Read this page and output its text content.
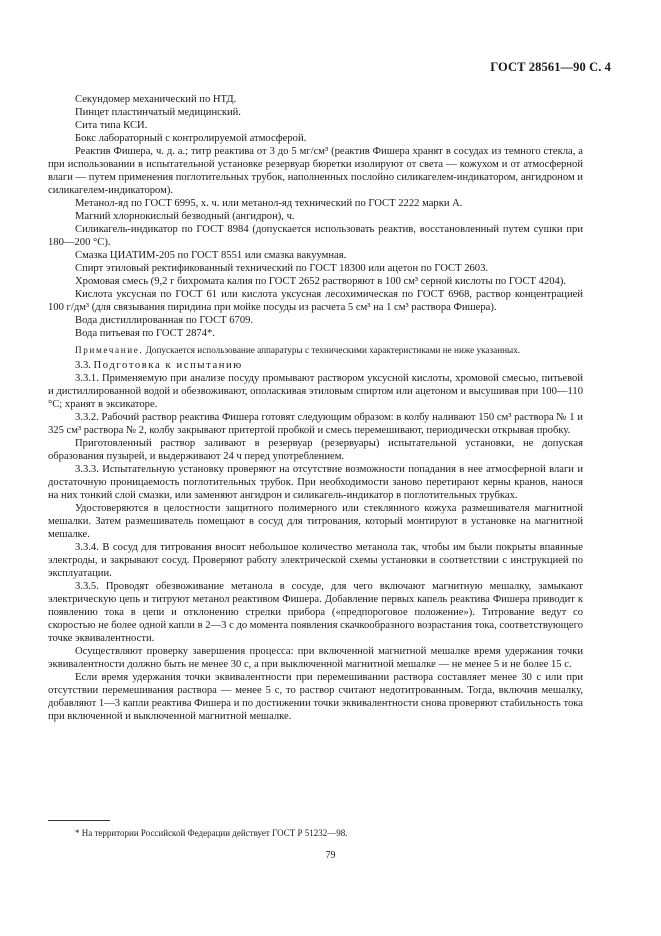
ГОСТ 28561—90 С. 4

Секундомер механический по НТД.

Пинцет пластинчатый медицинский.

Сита типа КСИ.

Бокс лабораторный с контролируемой атмосферой.

Реактив Фишера, ч. д. а.; титр реактива от 3 до 5 мг/см³ (реактив Фишера хранят в сосудах из темного стекла, а при использовании в испытательной установке резервуар бюретки изолируют от света — кожухом и от атмосферной влаги — путем применения поглотительных трубок, наполненных послойно силикагелем-индикатором, ангидроном и силикагелем-индикатором).

Метанол-яд по ГОСТ 6995, х. ч. или метанол-яд технический по ГОСТ 2222 марки А.

Магний хлорнокислый безводный (ангидрон), ч.

Силикагель-индикатор по ГОСТ 8984 (допускается использовать реактив, восстановленный путем сушки при 180—200 °С).

Смазка ЦИАТИМ-205 по ГОСТ 8551 или смазка вакуумная.

Спирт этиловый ректификованный технический по ГОСТ 18300 или ацетон по ГОСТ 2603.

Хромовая смесь (9,2 г бихромата калия по ГОСТ 2652 растворяют в 100 см³ серной кислоты по ГОСТ 4204).

Кислота уксусная по ГОСТ 61 или кислота уксусная лесохимическая по ГОСТ 6968, раствор концентрацией 100 г/дм³ (для связывания пиридина при мойке посуды из расчета 5 см³ на 1 см³ раствора Фишера).

Вода дистиллированная по ГОСТ 6709.

Вода питьевая по ГОСТ 2874*.

Примечание. Допускается использование аппаратуры с техническими характеристиками не ниже указанных.

3.3. Подготовка к испытанию

3.3.1. Применяемую при анализе посуду промывают раствором уксусной кислоты, хромовой смесью, питьевой и дистиллированной водой и обезвоживают, ополаскивая этиловым спиртом или ацетоном и высушивая при 100—110 °С; хранят в эксикаторе.

3.3.2. Рабочий раствор реактива Фишера готовят следующим образом: в колбу наливают 150 см³ раствора № 1 и 325 см³ раствора № 2, колбу закрывают притертой пробкой и смесь перемешивают, периодически открывая пробку.

Приготовленный раствор заливают в резервуар (резервуары) испытательной установки, не допуская образования пузырей, и выдерживают 24 ч перед употреблением.

3.3.3. Испытательную установку проверяют на отсутствие возможности попадания в нее атмосферной влаги и достаточную проницаемость поглотительных трубок. При необходимости заново перетирают керны кранов, нанося на них тонкий слой смазки, или заменяют ангидрон и силикагель-индикатор в поглотительных трубках.

Удостоверяются в целостности защитного полимерного или стеклянного кожуха размешивателя магнитной мешалки. Затем размешиватель помещают в сосуд для титрования, который монтируют в установке на магнитной мешалке.

3.3.4. В сосуд для титрования вносят небольшое количество метанола так, чтобы им были покрыты впаянные электроды, и закрывают сосуд. Проверяют работу электрической схемы установки в соответствии с инструкцией по эксплуатации.

3.3.5. Проводят обезвоживание метанола в сосуде, для чего включают магнитную мешалку, замыкают электрическую цепь и титруют метанол реактивом Фишера. Добавление первых капель реактива Фишера приводит к появлению тока в цепи и отклонению стрелки прибора («предпороговое положение»). Титрование ведут со скоростью не более одной капли в 2—3 с до момента появления скачкообразного возрастания тока, соответствующего точке эквивалентности.

Осуществляют проверку завершения процесса: при включенной магнитной мешалке время удержания точки эквивалентности должно быть не менее 30 с, а при выключенной магнитной мешалке — не менее 5 и не более 15 с.

Если время удержания точки эквивалентности при перемешивании раствора составляет менее 30 с или при отсутствии перемешивания раствора — менее 5 с, то раствор считают недотитрованным. Тогда, включив мешалку, добавляют 1—3 капли реактива Фишера и по достижении точки эквивалентности снова проверяют стабильность тока при включенной и выключенной магнитной мешалке.

* На территории Российской Федерации действует ГОСТ Р 51232—98.
79
